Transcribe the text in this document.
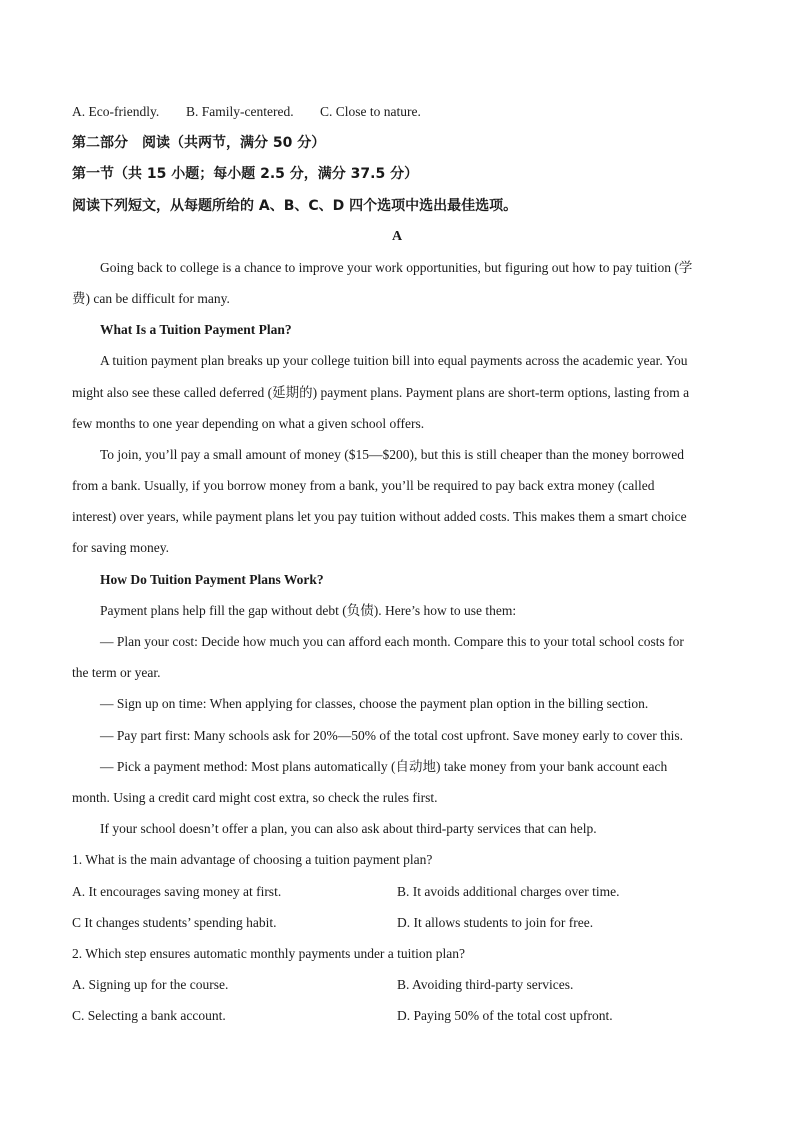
A. Eco-friendly. B. Family-centered. C. Close to nature.
第二部分　阅读（共两节，满分 50 分）
第一节（共 15 小题；每小题 2.5 分，满分 37.5 分）
阅读下列短文，从每题所给的 A、B、C、D 四个选项中选出最佳选项。
A
Going back to college is a chance to improve your work opportunities, but figuring out how to pay tuition (学
费) can be difficult for many.
What Is a Tuition Payment Plan?
A tuition payment plan breaks up your college tuition bill into equal payments across the academic year. You
might also see these called deferred (延期的) payment plans. Payment plans are short-term options, lasting from a
few months to one year depending on what a given school offers.
To join, you’ll pay a small amount of money ($15—$200), but this is still cheaper than the money borrowed
from a bank. Usually, if you borrow money from a bank, you’ll be required to pay back extra money (called
interest) over years, while payment plans let you pay tuition without added costs. This makes them a smart choice
for saving money.
How Do Tuition Payment Plans Work?
Payment plans help fill the gap without debt (负债). Here’s how to use them:
— Plan your cost: Decide how much you can afford each month. Compare this to your total school costs for
the term or year.
— Sign up on time: When applying for classes, choose the payment plan option in the billing section.
— Pay part first: Many schools ask for 20%—50% of the total cost upfront. Save money early to cover this.
— Pick a payment method: Most plans automatically (自动地) take money from your bank account each
month. Using a credit card might cost extra, so check the rules first.
If your school doesn’t offer a plan, you can also ask about third-party services that can help.
1. What is the main advantage of choosing a tuition payment plan?
A. It encourages saving money at first.	B. It avoids additional charges over time.
C It changes students’ spending habit.	D. It allows students to join for free.
2. Which step ensures automatic monthly payments under a tuition plan?
A. Signing up for the course.	B. Avoiding third-party services.
C. Selecting a bank account.	D. Paying 50% of the total cost upfront.
